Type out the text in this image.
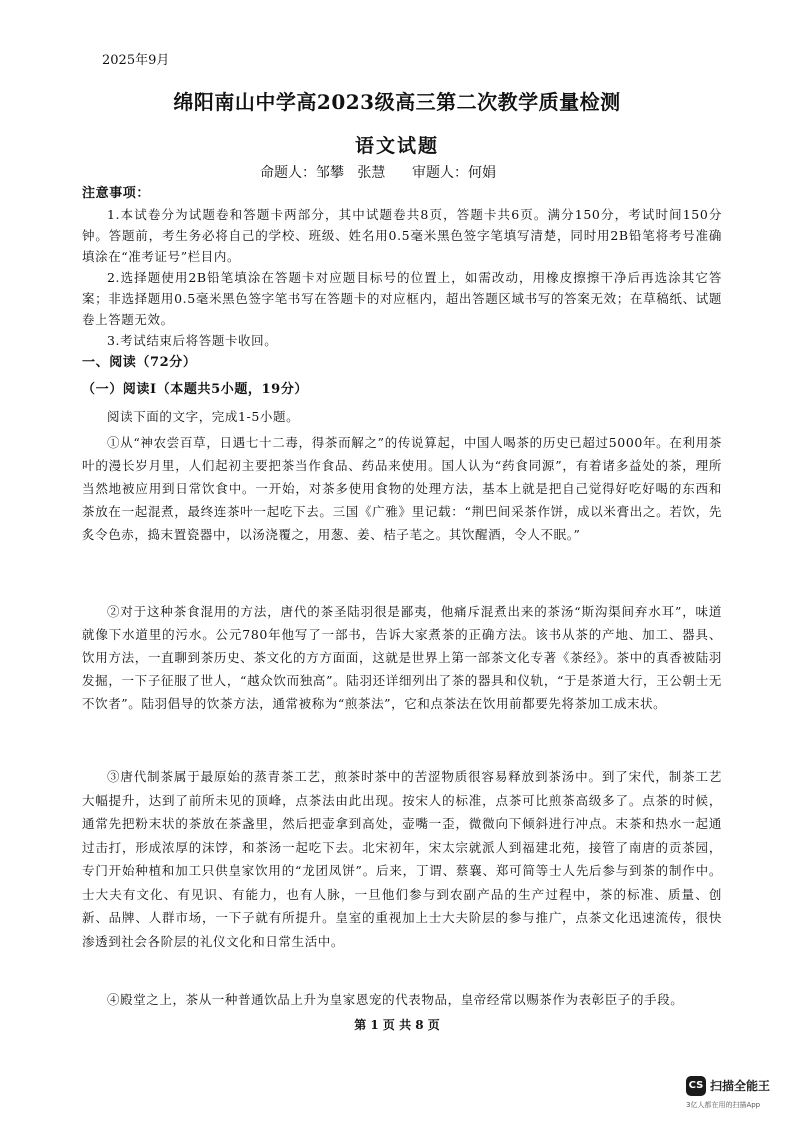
2025年9月
绵阳南山中学高2023级高三第二次教学质量检测
语文试题
命题人：邹攀   张慧      审题人：何娟
注意事项：

1.本试卷分为试题卷和答题卡两部分，其中试题卷共8页，答题卡共6页。满分150分，考试时间150分钟。答题前，考生务必将自己的学校、班级、姓名用0.5毫米黑色签字笔填写清楚，同时用2B铅笔将考号准确填涂在“准考证号”栏目内。

2.选择题使用2B铅笔填涂在答题卡对应题目标号的位置上，如需改动，用橡皮擦擦干净后再选涂其它答案；非选择题用0.5毫米黑色签字笔书写在答题卡的对应框内，超出答题区域书写的答案无效；在草稿纸、试题卷上答题无效。

3.考试结束后将答题卡收回。

一、阅读（72分）
（一）阅读Ⅰ（本题共5小题，19分）

阅读下面的文字，完成1-5小题。

①从“神农尝百草，日遇七十二毒，得茶而解之”的传说算起，中国人喝茶的历史已超过5000年。在利用茶叶的漫长岁月里，人们起初主要把茶当作食品、药品来使用。国人认为“药食同源”，有着诸多益处的茶，理所当然地被应用到日常饮食中。一开始，对茶多使用食物的处理方法，基本上就是把自己觉得好吃好喝的东西和茶放在一起混煮，最终连茶叶一起吃下去。三国《广雅》里记载：“荆巴间采茶作饼，成以米膏出之。若饮，先炙令色赤，捣末置瓷器中，以汤浇覆之，用葱、姜、桔子芼之。其饮醒酒，令人不眠。”

②对于这种茶食混用的方法，唐代的茶圣陆羽很是鄙夷，他痛斥混煮出来的茶汤“斯沟渠间弃水耳”，味道就像下水道里的污水。公元780年他写了一部书，告诉大家煮茶的正确方法。该书从茶的产地、加工、器具、饮用方法，一直聊到茶历史、茶文化的方方面面，这就是世界上第一部茶文化专著《茶经》。茶中的真香被陆羽发掘，一下子征服了世人，“越众饮而独高”。陆羽还详细列出了茶的器具和仪轨，“于是茶道大行，王公朝士无不饮者”。陆羽倡导的饮茶方法，通常被称为“煎茶法”，它和点茶法在饮用前都要先将茶加工成末状。

③唐代制茶属于最原始的蒸青茶工艺，煎茶时茶中的苦涩物质很容易释放到茶汤中。到了宋代，制茶工艺大幅提升，达到了前所未见的顶峰，点茶法由此出现。按宋人的标准，点茶可比煎茶高级多了。点茶的时候，通常先把粉末状的茶放在茶盏里，然后把壶拿到高处，壶嘴一歪，微微向下倾斜进行冲点。末茶和热水一起通过击打，形成浓厚的沫饽，和茶汤一起吃下去。北宋初年，宋太宗就派人到福建北苑，接管了南唐的贡茶园，专门开始种植和加工只供皇家饮用的“龙团凤饼”。后来，丁谓、蔡襄、郑可简等士人先后参与到茶的制作中。士大夫有文化、有见识、有能力，也有人脉，一旦他们参与到农副产品的生产过程中，茶的标准、质量、创新、品牌、人群市场，一下子就有所提升。皇室的重视加上士大夫阶层的参与推广，点茶文化迅速流传，很快渗透到社会各阶层的礼仪文化和日常生活中。

④殿堂之上，茶从一种普通饮品上升为皇家恩宠的代表物品，皇帝经常以赐茶作为表彰臣子的手段。

第 1 页 共 8 页
CS 扫描全能王
3亿人都在用的扫描App
